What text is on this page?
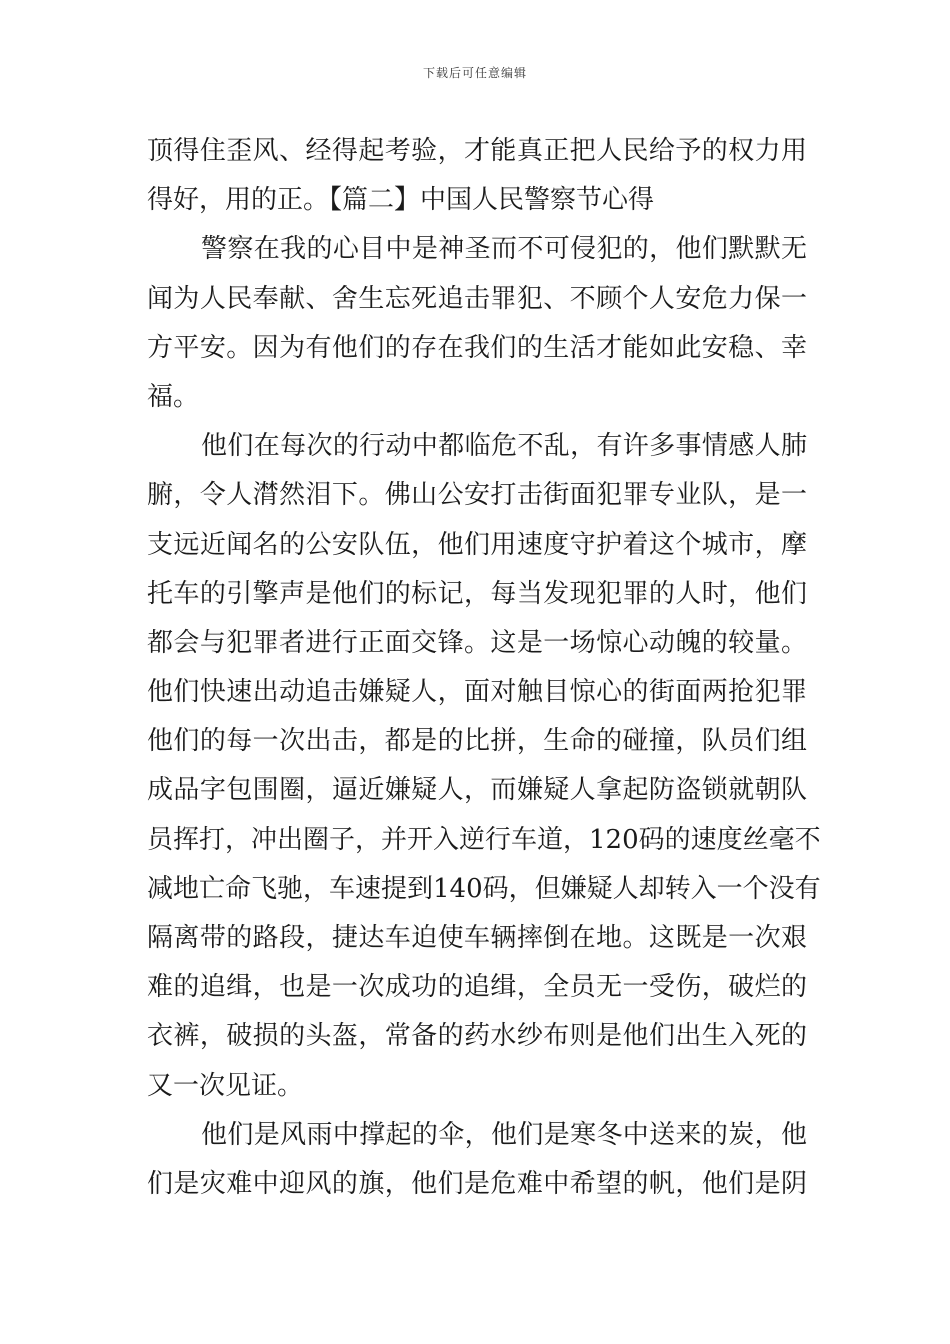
下载后可任意编辑
顶得住歪风、经得起考验，才能真正把人民给予的权力用
得好，用的正。【篇二】中国人民警察节心得
警察在我的心目中是神圣而不可侵犯的，他们默默无
闻为人民奉献、舍生忘死追击罪犯、不顾个人安危力保一
方平安。因为有他们的存在我们的生活才能如此安稳、幸
福。
他们在每次的行动中都临危不乱，有许多事情感人肺
腑，令人潸然泪下。佛山公安打击街面犯罪专业队，是一
支远近闻名的公安队伍，他们用速度守护着这个城市，摩
托车的引擎声是他们的标记，每当发现犯罪的人时，他们
都会与犯罪者进行正面交锋。这是一场惊心动魄的较量。
他们快速出动追击嫌疑人，面对触目惊心的街面两抢犯罪
他们的每一次出击，都是的比拼，生命的碰撞，队员们组
成品字包围圈，逼近嫌疑人，而嫌疑人拿起防盗锁就朝队
员挥打，冲出圈子，并开入逆行车道，120码的速度丝毫不
减地亡命飞驰，车速提到140码，但嫌疑人却转入一个没有
隔离带的路段，捷达车迫使车辆摔倒在地。这既是一次艰
难的追缉，也是一次成功的追缉，全员无一受伤，破烂的
衣裤，破损的头盔，常备的药水纱布则是他们出生入死的
又一次见证。
他们是风雨中撑起的伞，他们是寒冬中送来的炭，他
们是灾难中迎风的旗，他们是危难中希望的帆，他们是阴
